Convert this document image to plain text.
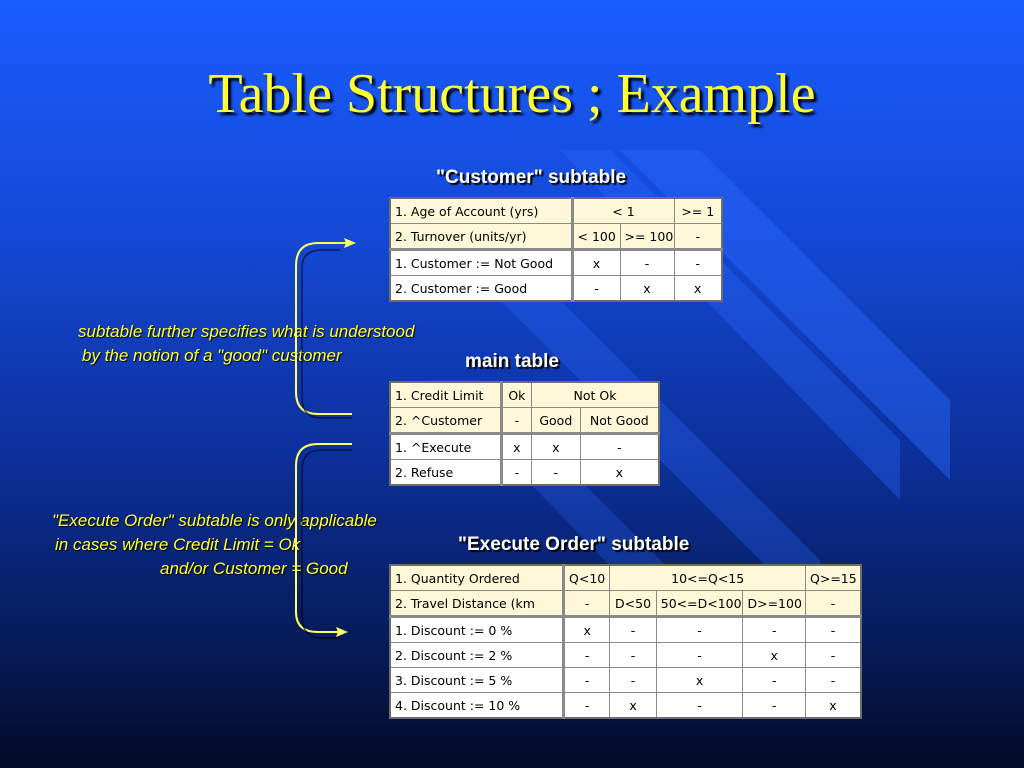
Table Structures ; Example
"Customer" subtable
main table
"Execute Order" subtable
subtable further specifies what is understood
by the notion of a "good" customer
"Execute Order" subtable is only applicable
in cases where Credit Limit = Ok
and/or Customer = Good
1. Age of Account (yrs)	< 1		>= 1
2. Turnover (units/yr)	< 100	>= 100	-
1. Customer := Not Good	x	-	-
2. Customer := Good	-	x	x
1. Credit Limit	Ok	Not Ok	
2. ^Customer	-	Good	Not Good
1. ^Execute	x	x	-
2. Refuse	-	-	x
1. Quantity Ordered	Q<10	10<=Q<15			Q>=15
2. Travel Distance (km	-	D<50	50<=D<100	D>=100	-
1. Discount := 0 %	x	-	-	-	-
2. Discount := 2 %	-	-	-	x	-
3. Discount := 5 %	-	-	x	-	-
4. Discount := 10 %	-	x	-	-	x
